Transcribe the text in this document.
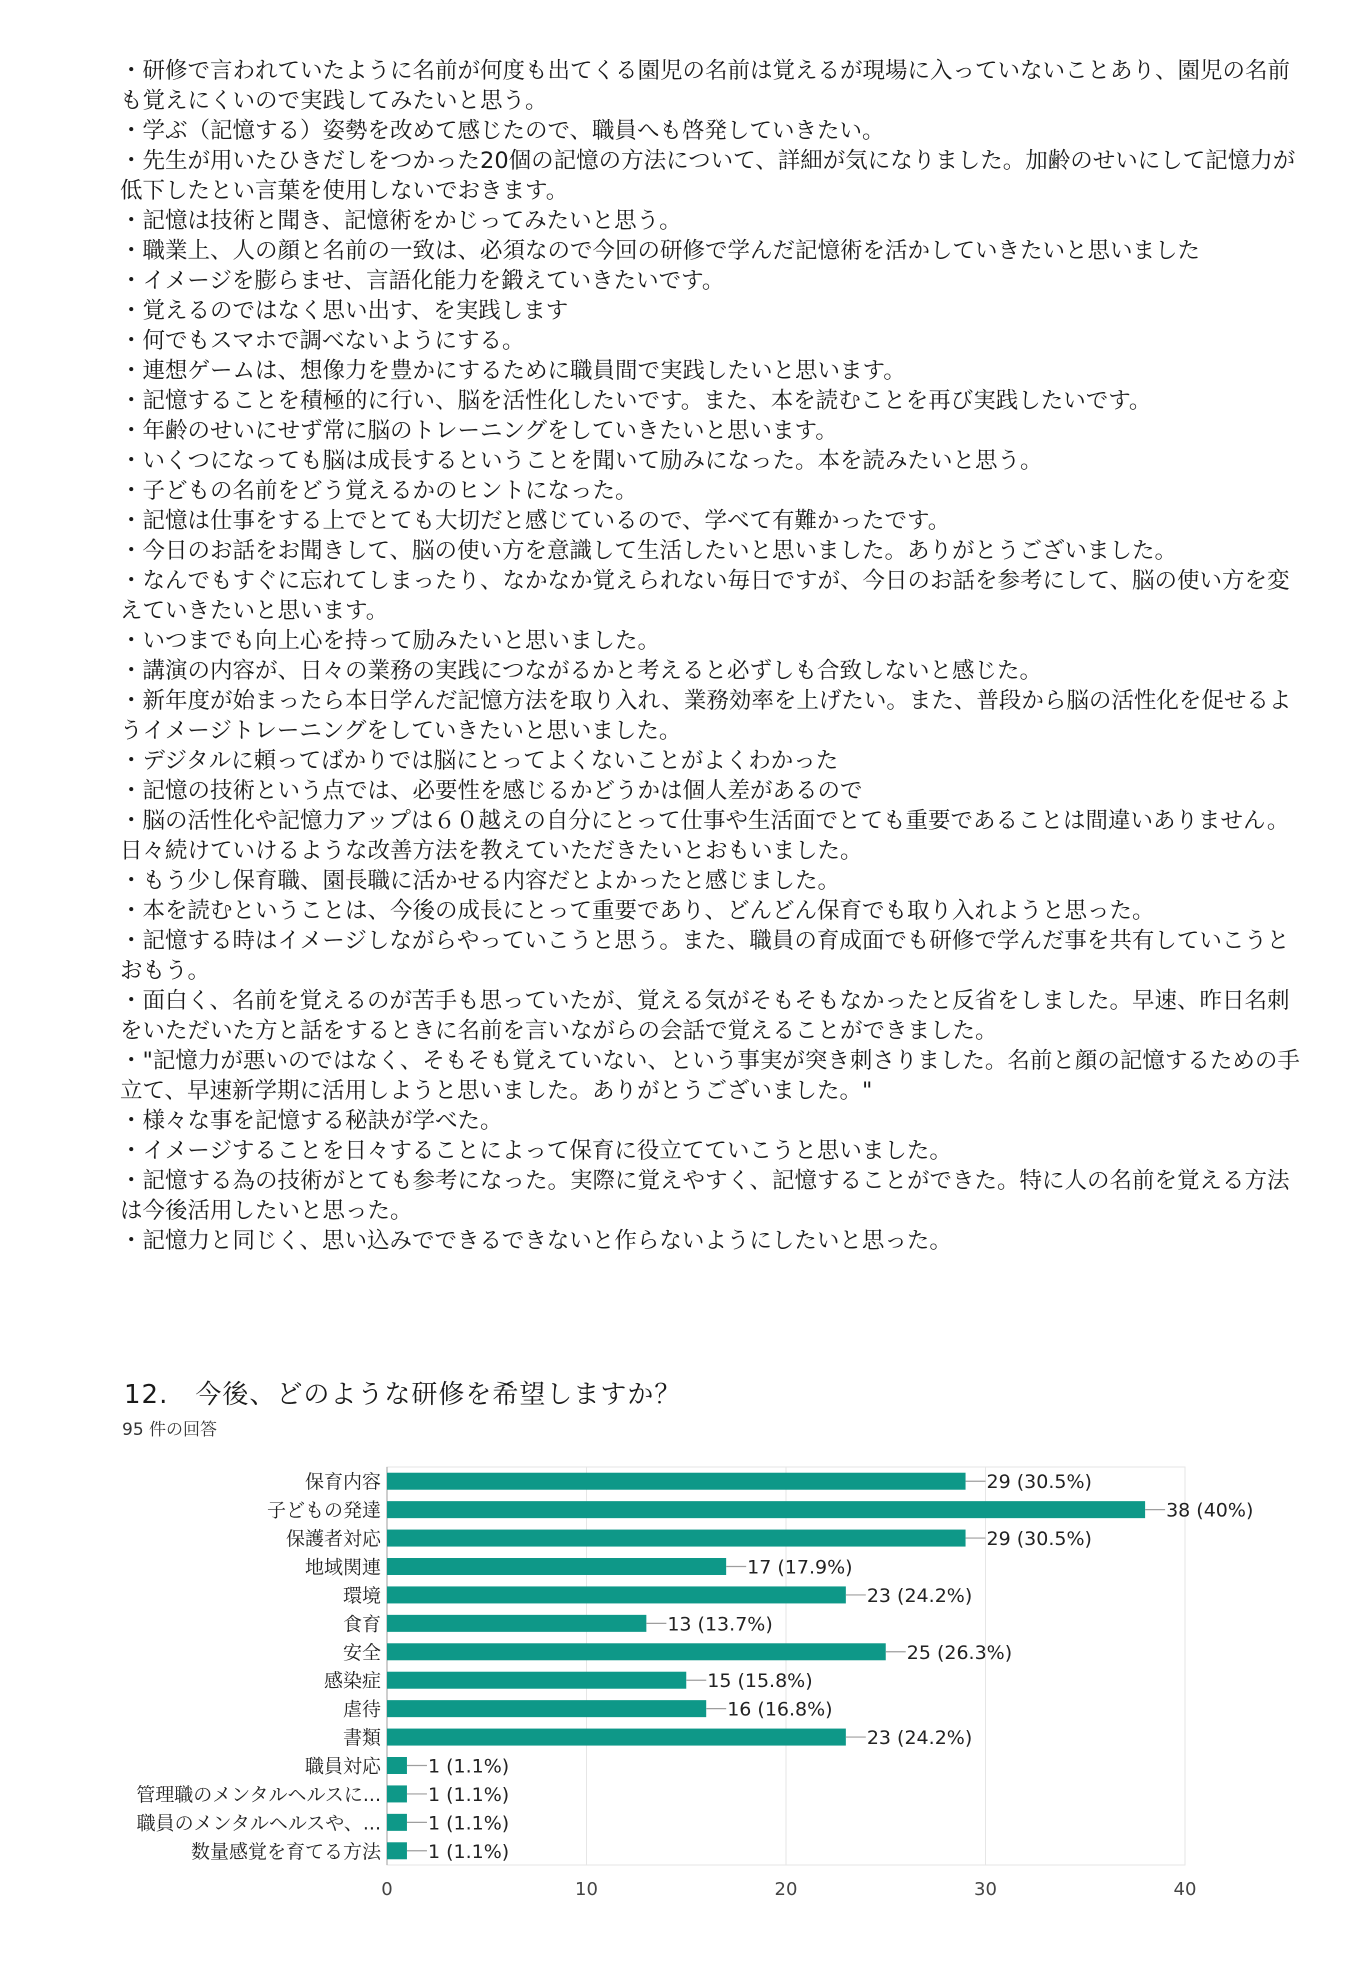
・研修で言われていたように名前が何度も出てくる園児の名前は覚えるが現場に入っていないことあり、園児の名前も覚えにくいので実践してみたいと思う。

・学ぶ（記憶する）姿勢を改めて感じたので、職員へも啓発していきたい。

・先生が用いたひきだしをつかった20個の記憶の方法について、詳細が気になりました。加齢のせいにして記憶力が低下したとい言葉を使用しないでおきます。

・記憶は技術と聞き、記憶術をかじってみたいと思う。

・職業上、人の顔と名前の一致は、必須なので今回の研修で学んだ記憶術を活かしていきたいと思いました

・イメージを膨らませ、言語化能力を鍛えていきたいです。

・覚えるのではなく思い出す、を実践します

・何でもスマホで調べないようにする。

・連想ゲームは、想像力を豊かにするために職員間で実践したいと思います。

・記憶することを積極的に行い、脳を活性化したいです。また、本を読むことを再び実践したいです。

・年齢のせいにせず常に脳のトレーニングをしていきたいと思います。

・いくつになっても脳は成長するということを聞いて励みになった。本を読みたいと思う。

・子どもの名前をどう覚えるかのヒントになった。

・記憶は仕事をする上でとても大切だと感じているので、学べて有難かったです。

・今日のお話をお聞きして、脳の使い方を意識して生活したいと思いました。ありがとうございました。

・なんでもすぐに忘れてしまったり、なかなか覚えられない毎日ですが、今日のお話を参考にして、脳の使い方を変えていきたいと思います。

・いつまでも向上心を持って励みたいと思いました。

・講演の内容が、日々の業務の実践につながるかと考えると必ずしも合致しないと感じた。

・新年度が始まったら本日学んだ記憶方法を取り入れ、業務効率を上げたい。また、普段から脳の活性化を促せるようイメージトレーニングをしていきたいと思いました。

・デジタルに頼ってばかりでは脳にとってよくないことがよくわかった

・記憶の技術という点では、必要性を感じるかどうかは個人差があるので

・脳の活性化や記憶力アップは６０越えの自分にとって仕事や生活面でとても重要であることは間違いありません。日々続けていけるような改善方法を教えていただきたいとおもいました。

・もう少し保育職、園長職に活かせる内容だとよかったと感じました。

・本を読むということは、今後の成長にとって重要であり、どんどん保育でも取り入れようと思った。

・記憶する時はイメージしながらやっていこうと思う。また、職員の育成面でも研修で学んだ事を共有していこうとおもう。

・面白く、名前を覚えるのが苦手も思っていたが、覚える気がそもそもなかったと反省をしました。早速、昨日名刺をいただいた方と話をするときに名前を言いながらの会話で覚えることができました。

・"記憶力が悪いのではなく、そもそも覚えていない、という事実が突き刺さりました。名前と顔の記憶するための手立て、早速新学期に活用しようと思いました。ありがとうございました。"

・様々な事を記憶する秘訣が学べた。

・イメージすることを日々することによって保育に役立てていこうと思いました。

・記憶する為の技術がとても参考になった。実際に覚えやすく、記憶することができた。特に人の名前を覚える方法は今後活用したいと思った。

・記憶力と同じく、思い込みでできるできないと作らないようにしたいと思った。

12.　今後、どのような研修を希望しますか？
95 件の回答
0	10	20	30	40
保育内容	29 (30.5%)
子どもの発達	38 (40%)
保護者対応	29 (30.5%)
地域関連	17 (17.9%)
環境	23 (24.2%)
食育	13 (13.7%)
安全	25 (26.3%)
感染症	15 (15.8%)
虐待	16 (16.8%)
書類	23 (24.2%)
職員対応 1 (1.1%)
管理職のメンタルヘルスに... 1 (1.1%)
職員のメンタルヘルスや、... 1 (1.1%)
数量感覚を育てる方法 1 (1.1%)
